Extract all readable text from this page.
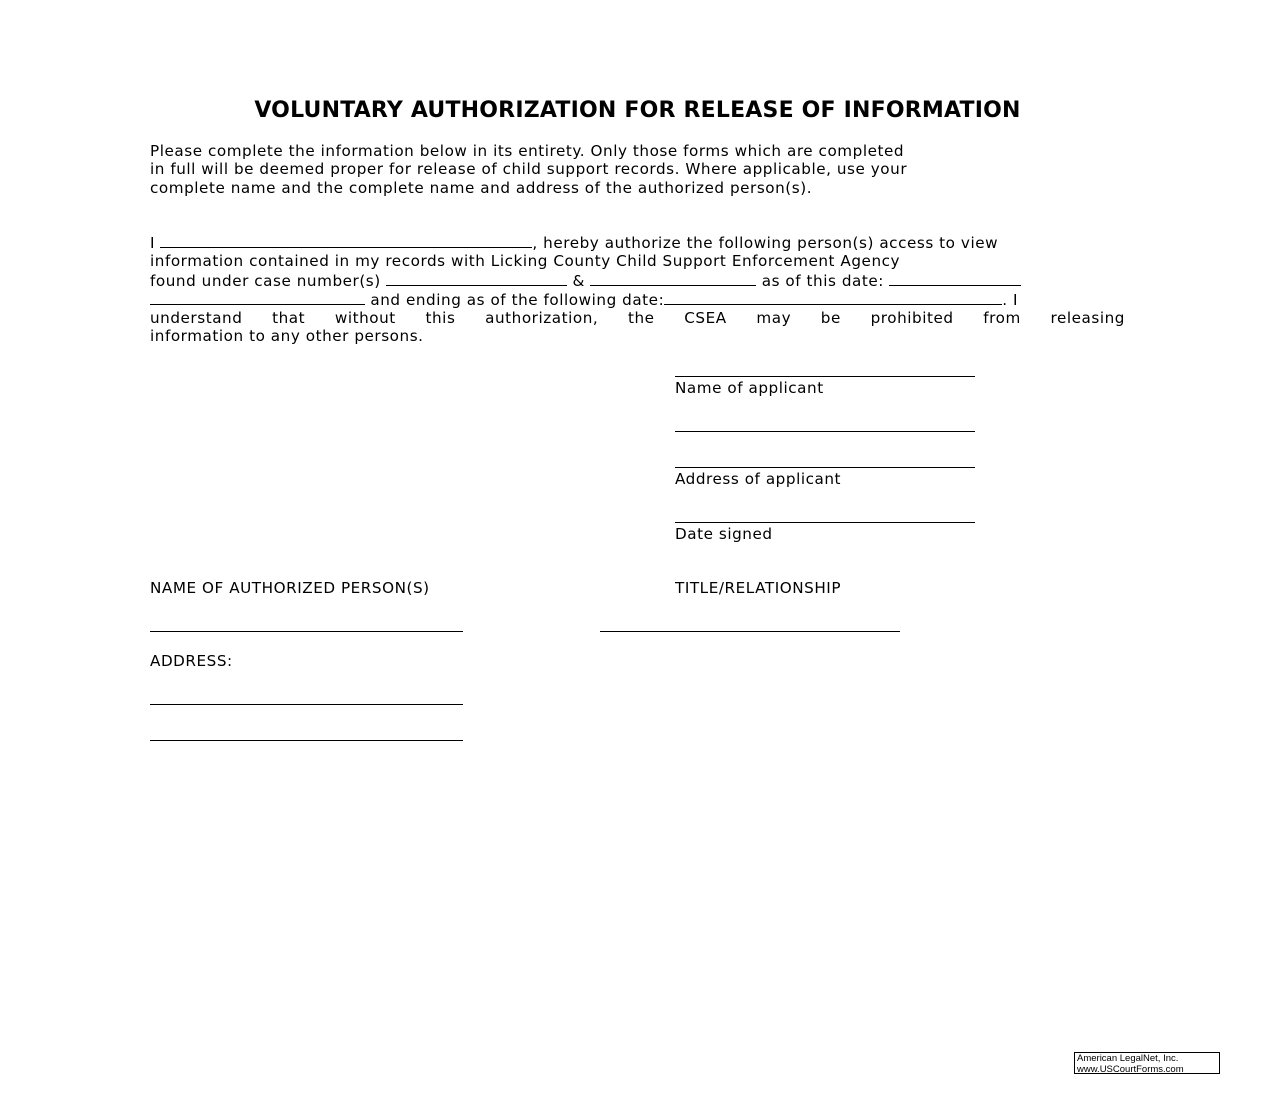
VOLUNTARY AUTHORIZATION FOR RELEASE OF INFORMATION
Please complete the information below in its entirety. Only those forms which are completed
in full will be deemed proper for release of child support records. Where applicable, use your
complete name and the complete name and address of the authorized person(s).
I	, hereby authorize the following person(s) access to view
information contained in my records with Licking County Child Support Enforcement Agency
found under case number(s)	&	as of this date:
and ending as of the following date:	. I
understand that without this authorization, the CSEA may be prohibited from releasing
information to any other persons.
Name of applicant
Address of applicant
Date signed
NAME OF AUTHORIZED PERSON(S)	TITLE/RELATIONSHIP
ADDRESS:
American LegalNet, Inc.
www.USCourtForms.com
